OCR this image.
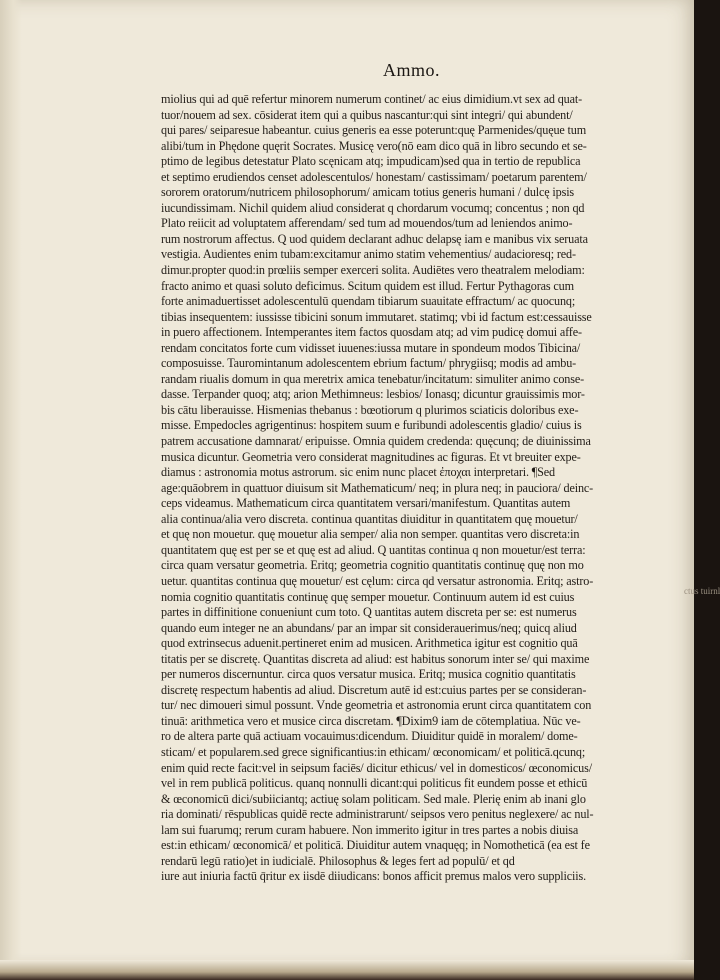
Ammo.
miolius qui ad quē refertur minorem numerum continet/ ac eius dimidium.vt sex ad quat-
tuor/nouem ad sex. cōsiderat item qui a quibus nascantur:qui sint integri/ qui abundent/
qui pares/ seiparesue habeantur. cuius generis ea esse poterunt:quę Parmenides/quęue tum
alibi/tum in Phędone quęrit Socrates. Musicę vero(nō eam dico quā in libro secundo et se-
ptimo de legibus detestatur Plato scęnicam atq; impudicam)sed qua in tertio de republica
et septimo erudiendos censet adolescentulos/ honestam/ castissimam/ poetarum parentem/
sororem oratorum/nutricem philosophorum/ amicam totius generis humani / dulcę ipsis
iucundissimam. Nichil quidem aliud considerat q chordarum vocumq; concentus ; non qd
Plato reiicit ad voluptatem afferendam/ sed tum ad mouendos/tum ad leniendos animo-
rum nostrorum affectus. Q uod quidem declarant adhuc delapsę iam e manibus vix seruata
vestigia. Audientes enim tubam:excitamur animo statim vehementius/ audacioresq; red-
dimur.propter quod:in prœliis semper exerceri solita. Audiētes vero theatralem melodiam:
fracto animo et quasi soluto deficimus. Scitum quidem est illud. Fertur Pythagoras cum
forte animaduertisset adolescentulū quendam tibiarum suauitate effractum/ ac quocunq;
tibias insequentem: iussisse tibicini sonum immutaret. statimq; vbi id factum est:cessauisse
in puero affectionem. Intemperantes item factos quosdam atq; ad vim pudicę domui affe-
rendam concitatos forte cum vidisset iuuenes:iussa mutare in spondeum modos Tibicina/
composuisse. Tauromintanum adolescentem ebrium factum/ phrygiisq; modis ad ambu-
randam riualis domum in qua meretrix amica tenebatur/incitatum: simuliter animo conse-
dasse. Terpander quoq; atq; arion Methimneus: lesbios/ Ionasq; dicuntur grauissimis mor-
bis cātu liberauisse. Hismenias thebanus : bœotiorum q plurimos sciaticis doloribus exe-
misse. Empedocles agrigentinus: hospitem suum e furibundi adolescentis gladio/ cuius is
patrem accusatione damnarat/ eripuisse. Omnia quidem credenda: quęcunq; de diuinissima
musica dicuntur. Geometria vero considerat magnitudines ac figuras. Et vt breuiter expe-
diamus : astronomia motus astrorum. sic enim nunc placet ἐποχαι interpretari. ¶Sed
age:quāobrem in quattuor diuisum sit Mathematicum/ neq; in plura neq; in pauciora/ deinc-
ceps videamus. Mathematicum circa quantitatem versari/manifestum. Quantitas autem
alia continua/alia vero discreta. continua quantitas diuiditur in quantitatem quę mouetur/
et quę non mouetur. quę mouetur alia semper/ alia non semper. quantitas vero discreta:in
quantitatem quę est per se et quę est ad aliud. Q uantitas continua q non mouetur/est terra:
circa quam versatur geometria. Eritq; geometria cognitio quantitatis continuę quę non mo
uetur. quantitas continua quę mouetur/ est cęlum: circa qd versatur astronomia. Eritq; astro-
nomia cognitio quantitatis continuę quę semper mouetur. Continuum autem id est cuius
partes in diffinitione conueniunt cum toto. Q uantitas autem discreta per se: est numerus
quando eum integer ne an abundans/ par an impar sit considerauerimus/neq; quicq aliud
quod extrinsecus aduenit.pertineret enim ad musicen. Arithmetica igitur est cognitio quā
titatis per se discretę. Quantitas discreta ad aliud: est habitus sonorum inter se/ qui maxime
per numeros discernuntur. circa quos versatur musica. Eritq; musica cognitio quantitatis
discretę respectum habentis ad aliud. Discretum autē id est:cuius partes per se consideran-
tur/ nec dimoueri simul possunt. Vnde geometria et astronomia erunt circa quantitatem con
tinuā: arithmetica vero et musice circa discretam. ¶Dixim9 iam de cōtemplatiua. Nūc ve-
ro de altera parte quā actiuam vocauimus:dicendum. Diuiditur quidē in moralem/ dome-
sticam/ et popularem.sed grece significantius:in ethicam/ œconomicam/ et politicā.qcunq;
enim quid recte facit:vel in seipsum faciēs/ dicitur ethicus/ vel in domesticos/ œconomicus/
vel in rem publicā politicus. quanq nonnulli dicant:qui politicus fit eundem posse et ethicū
& œconomicū dici/subiiciantq; actiuę solam politicam. Sed male. Plerię enim ab inani glo
ria dominati/ rēspublicas quidē recte administrarunt/ seipsos vero penitus neglexere/ ac nul-
lam sui fuarumq; rerum curam habuere. Non immerito igitur in tres partes a nobis diuisa
est:in ethicam/ œconomicā/ et politicā. Diuiditur autem vnaquęq; in Nomotheticā (ea est fe
rendarū legū ratio)et in iudicialē. Philosophus & leges fert ad populū/ et qd
iure aut iniuria factū q̄ritur ex iisdē diiudicans: bonos afficit premus malos vero suppliciis.
ctus tuirnl
